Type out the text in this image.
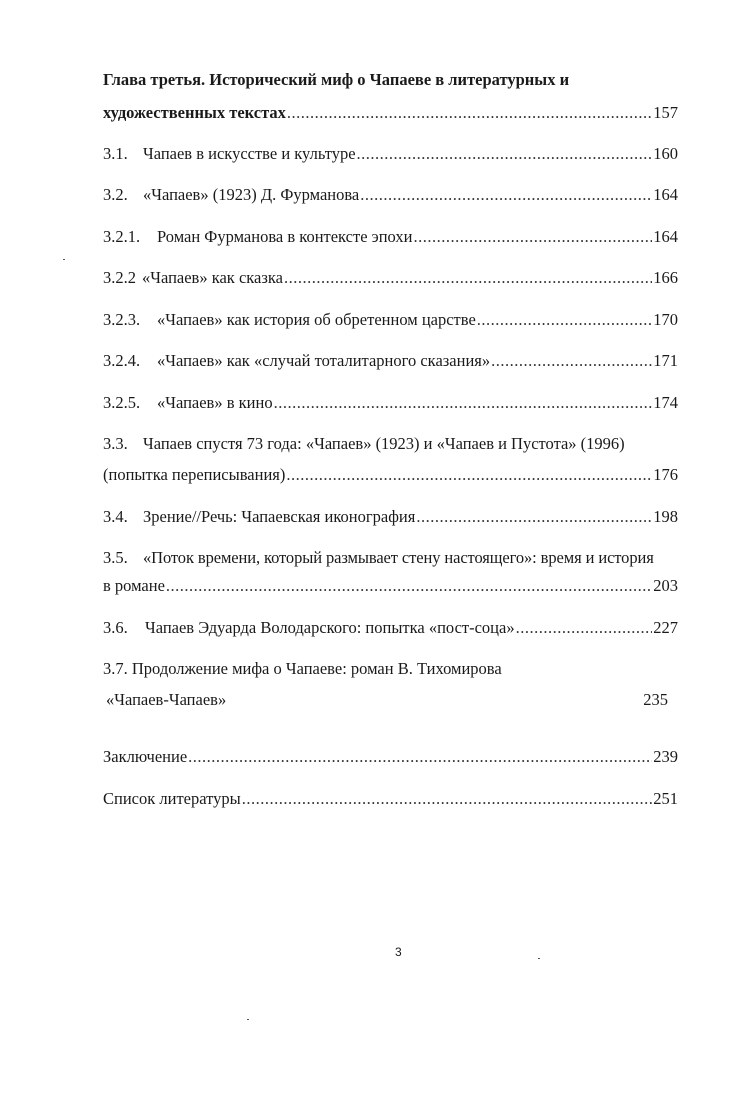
Глава третья. Исторический миф о Чапаеве в литературных и
художественных текстах .....	157
3.1. Чапаев в искусстве и культуре .....	160
3.2. «Чапаев» (1923) Д. Фурманова .....	164
3.2.1.	Роман Фурманова в контексте эпохи .....	164
3.2.2 «Чапаев» как сказка .....	166
3.2.3.	«Чапаев» как история об обретенном царстве .....	170
3.2.4.	«Чапаев» как «случай тоталитарного сказания» .....	171
3.2.5.	«Чапаев» в кино .....	174
3.3. Чапаев спустя 73 года: «Чапаев» (1923) и «Чапаев и Пустота» (1996)
(попытка переписывания) .....	176
3.4. Зрение//Речь: Чапаевская иконография .....	198
3.5. «Поток времени, который размывает стену настоящего»: время и история
в романе .....	203
3.6.	Чапаев Эдуарда Володарского: попытка «пост-соца» .....	227
3.7. Продолжение мифа о Чапаеве: роман В. Тихомирова
«Чапаев-Чапаев»	235
Заключение .....	239
Список литературы .....	251
3
